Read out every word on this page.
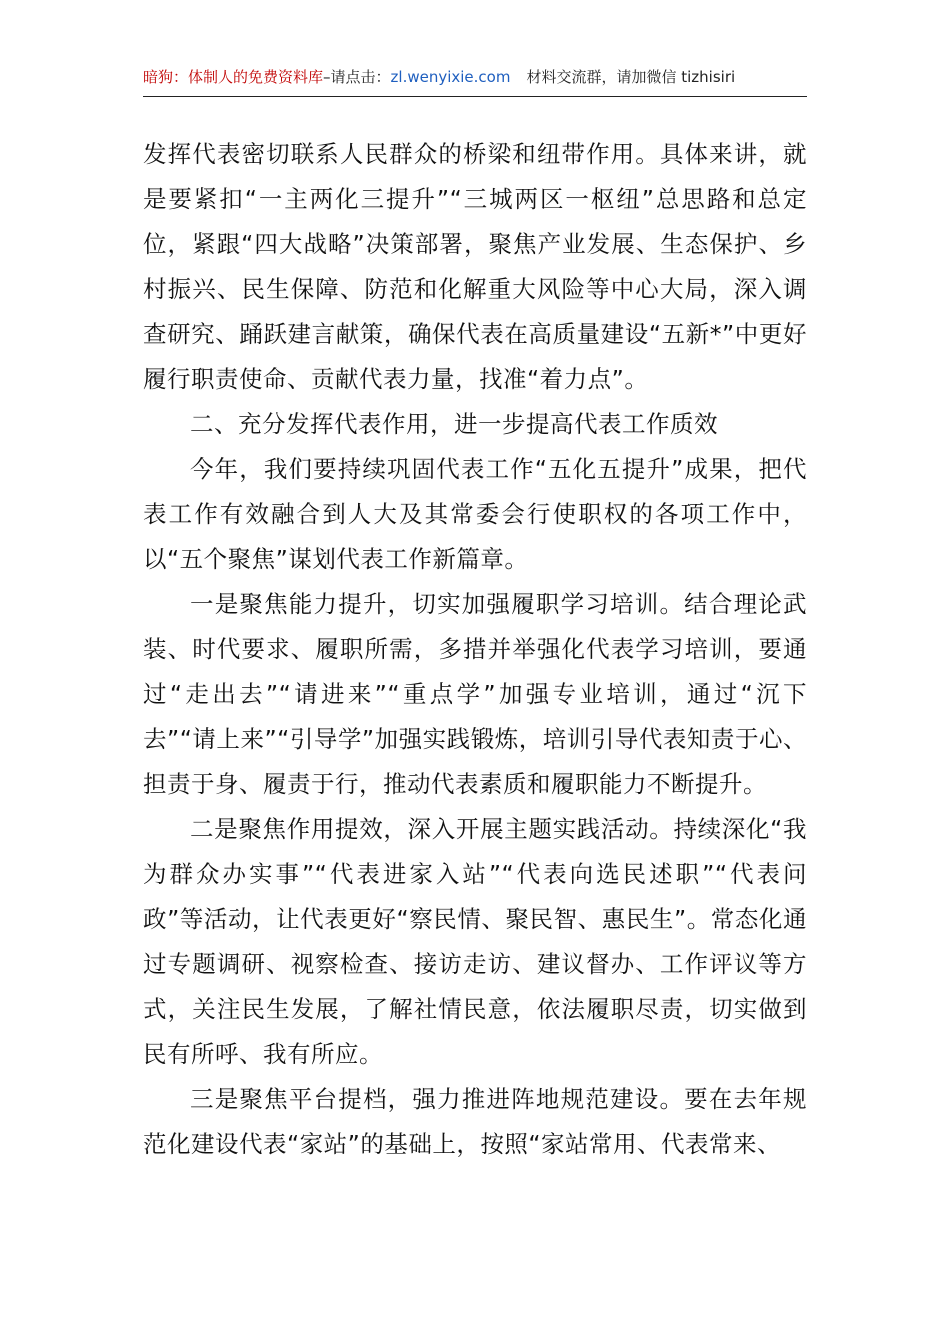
暗狗：体制人的免费资料库–请点击：zl.wenyixie.com 材料交流群，请加微信 tizhisiri

发挥代表密切联系人民群众的桥梁和纽带作用。具体来讲，就是要紧扣“一主两化三提升”“三城两区一枢纽”总思路和总定位，紧跟“四大战略”决策部署，聚焦产业发展、生态保护、乡村振兴、民生保障、防范和化解重大风险等中心大局，深入调查研究、踊跃建言献策，确保代表在高质量建设“五新*”中更好履行职责使命、贡献代表力量，找准“着力点”。

二、充分发挥代表作用，进一步提高代表工作质效

今年，我们要持续巩固代表工作“五化五提升”成果，把代表工作有效融合到人大及其常委会行使职权的各项工作中，以“五个聚焦”谋划代表工作新篇章。

一是聚焦能力提升，切实加强履职学习培训。结合理论武装、时代要求、履职所需，多措并举强化代表学习培训，要通过“走出去”“请进来”“重点学”加强专业培训，通过“沉下去”“请上来”“引导学”加强实践锻炼，培训引导代表知责于心、担责于身、履责于行，推动代表素质和履职能力不断提升。

二是聚焦作用提效，深入开展主题实践活动。持续深化“我为群众办实事”“代表进家入站”“代表向选民述职”“代表问政”等活动，让代表更好“察民情、聚民智、惠民生”。常态化通过专题调研、视察检查、接访走访、建议督办、工作评议等方式，关注民生发展，了解社情民意，依法履职尽责，切实做到民有所呼、我有所应。

三是聚焦平台提档，强力推进阵地规范建设。要在去年规范化建设代表“家站”的基础上，按照“家站常用、代表常来、
